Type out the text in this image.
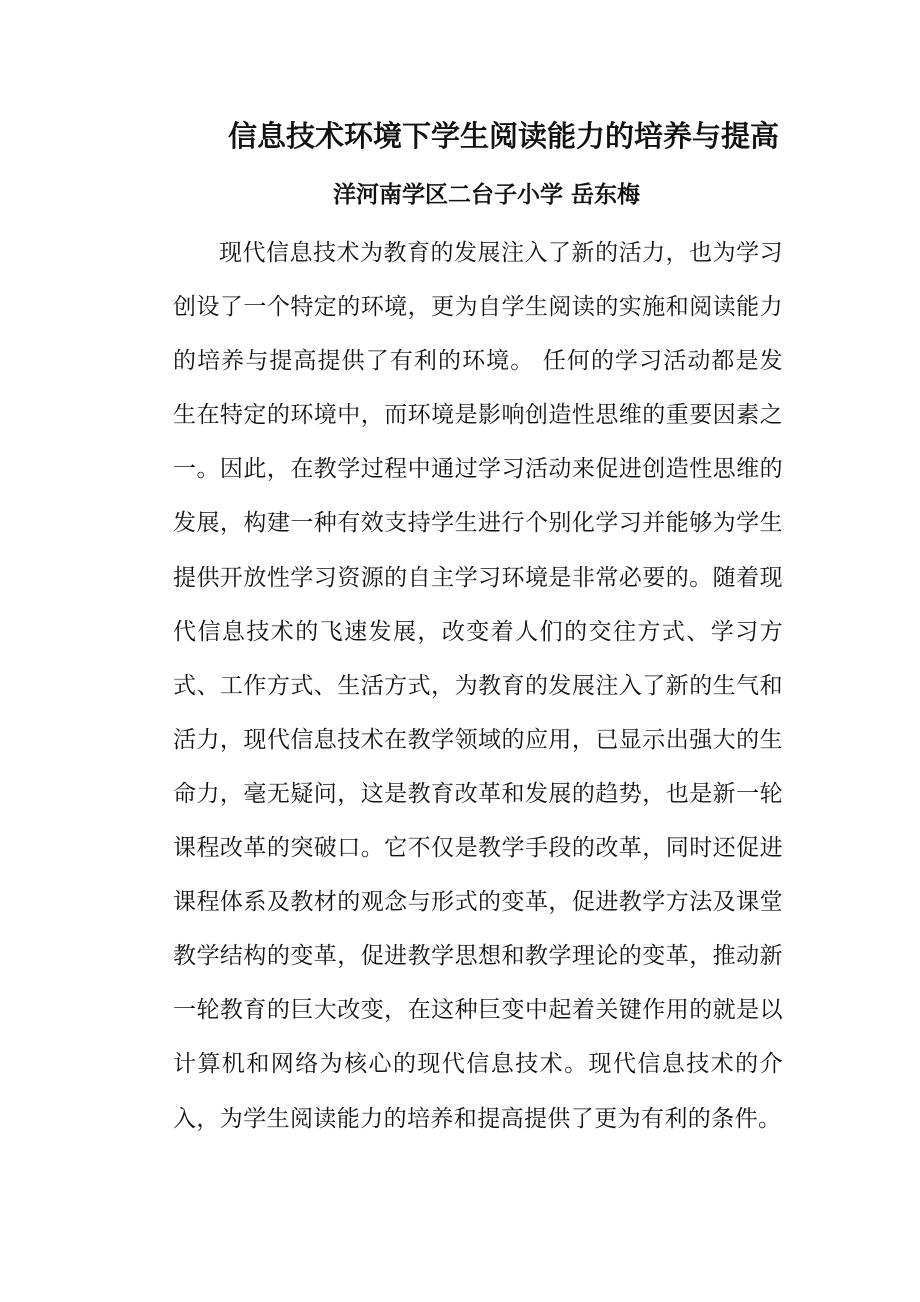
信息技术环境下学生阅读能力的培养与提高

洋河南学区二台子小学 岳东梅

现代信息技术为教育的发展注入了新的活力，也为学习创设了一个特定的环境，更为自学生阅读的实施和阅读能力的培养与提高提供了有利的环境。 任何的学习活动都是发生在特定的环境中，而环境是影响创造性思维的重要因素之一。因此，在教学过程中通过学习活动来促进创造性思维的发展，构建一种有效支持学生进行个别化学习并能够为学生提供开放性学习资源的自主学习环境是非常必要的。随着现代信息技术的飞速发展，改变着人们的交往方式、学习方式、工作方式、生活方式，为教育的发展注入了新的生气和活力，现代信息技术在教学领域的应用，已显示出强大的生命力，毫无疑问，这是教育改革和发展的趋势，也是新一轮课程改革的突破口。它不仅是教学手段的改革，同时还促进课程体系及教材的观念与形式的变革，促进教学方法及课堂教学结构的变革，促进教学思想和教学理论的变革，推动新一轮教育的巨大改变，在这种巨变中起着关键作用的就是以计算机和网络为核心的现代信息技术。现代信息技术的介入，为学生阅读能力的培养和提高提供了更为有利的条件。
